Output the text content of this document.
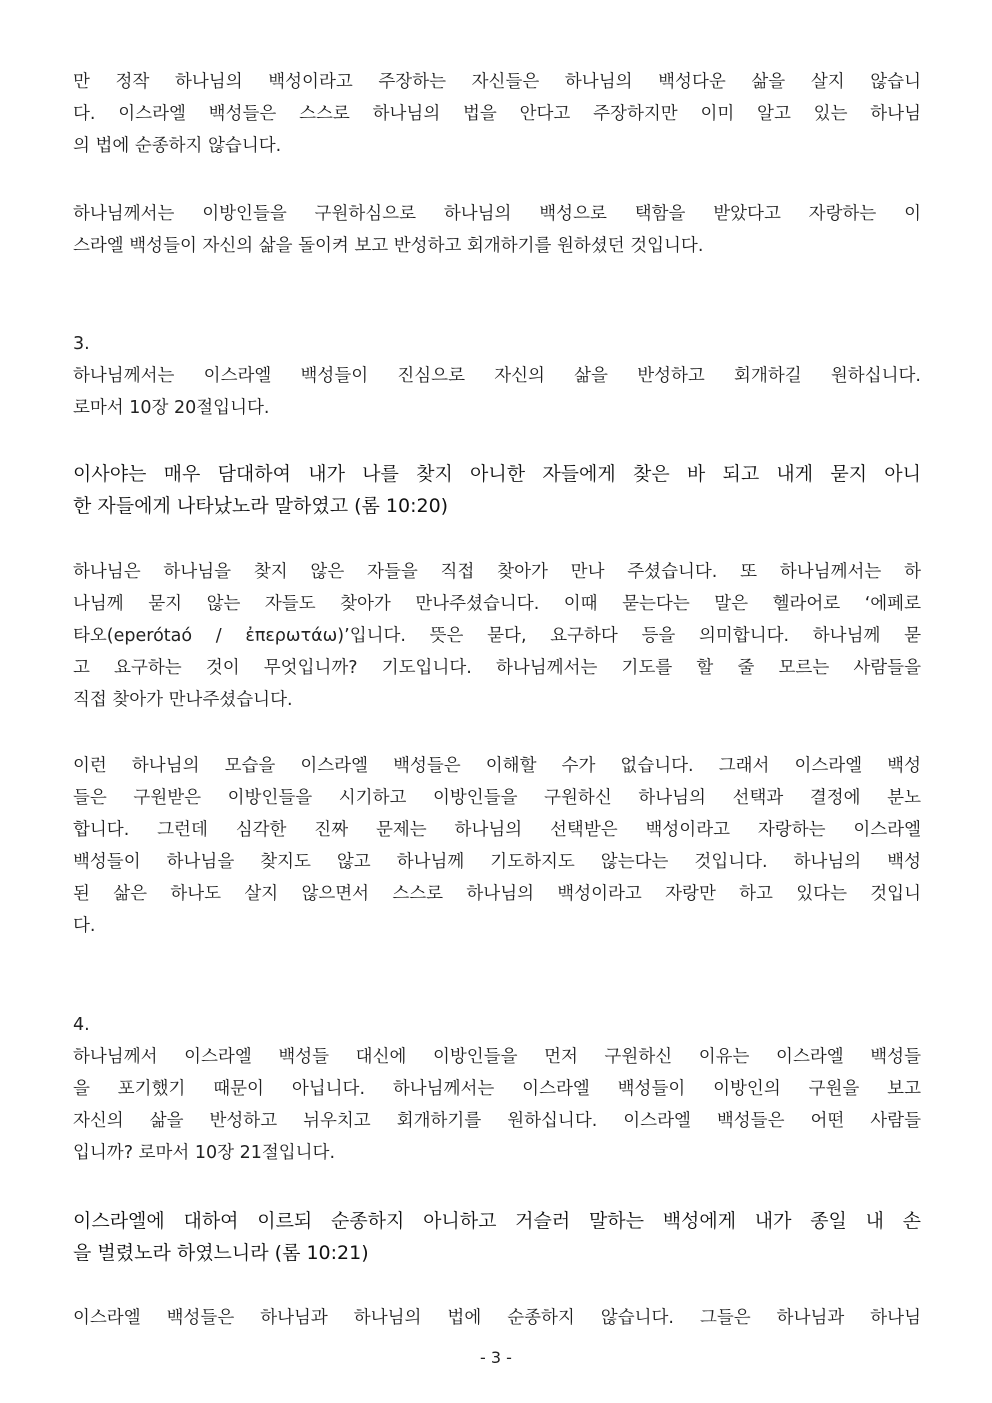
만 정작 하나님의 백성이라고 주장하는 자신들은 하나님의 백성다운 삶을 살지 않습니
다. 이스라엘 백성들은 스스로 하나님의 법을 안다고 주장하지만 이미 알고 있는 하나님
의 법에 순종하지 않습니다.
하나님께서는 이방인들을 구원하심으로 하나님의 백성으로 택함을 받았다고 자랑하는 이
스라엘 백성들이 자신의 삶을 돌이켜 보고 반성하고 회개하기를 원하셨던 것입니다.
3.
하나님께서는 이스라엘 백성들이 진심으로 자신의 삶을 반성하고 회개하길 원하십니다.
로마서 10장 20절입니다.
이사야는 매우 담대하여 내가 나를 찾지 아니한 자들에게 찾은 바 되고 내게 묻지 아니
한 자들에게 나타났노라 말하였고 (롬 10:20)
하나님은 하나님을 찾지 않은 자들을 직접 찾아가 만나 주셨습니다. 또 하나님께서는 하
나님께 묻지 않는 자들도 찾아가 만나주셨습니다. 이때 묻는다는 말은 헬라어로 ‘에페로
타오(eperótaó / ἐπερωτάω)’입니다. 뜻은 묻다, 요구하다 등을 의미합니다. 하나님께 묻
고 요구하는 것이 무엇입니까? 기도입니다. 하나님께서는 기도를 할 줄 모르는 사람들을
직접 찾아가 만나주셨습니다.
이런 하나님의 모습을 이스라엘 백성들은 이해할 수가 없습니다. 그래서 이스라엘 백성
들은 구원받은 이방인들을 시기하고 이방인들을 구원하신 하나님의 선택과 결정에 분노
합니다. 그런데 심각한 진짜 문제는 하나님의 선택받은 백성이라고 자랑하는 이스라엘
백성들이 하나님을 찾지도 않고 하나님께 기도하지도 않는다는 것입니다. 하나님의 백성
된 삶은 하나도 살지 않으면서 스스로 하나님의 백성이라고 자랑만 하고 있다는 것입니
다.
4.
하나님께서 이스라엘 백성들 대신에 이방인들을 먼저 구원하신 이유는 이스라엘 백성들
을 포기했기 때문이 아닙니다. 하나님께서는 이스라엘 백성들이 이방인의 구원을 보고
자신의 삶을 반성하고 뉘우치고 회개하기를 원하십니다. 이스라엘 백성들은 어떤 사람들
입니까? 로마서 10장 21절입니다.
이스라엘에 대하여 이르되 순종하지 아니하고 거슬러 말하는 백성에게 내가 종일 내 손
을 벌렸노라 하였느니라 (롬 10:21)
이스라엘 백성들은 하나님과 하나님의 법에 순종하지 않습니다. 그들은 하나님과 하나님
- 3 -
